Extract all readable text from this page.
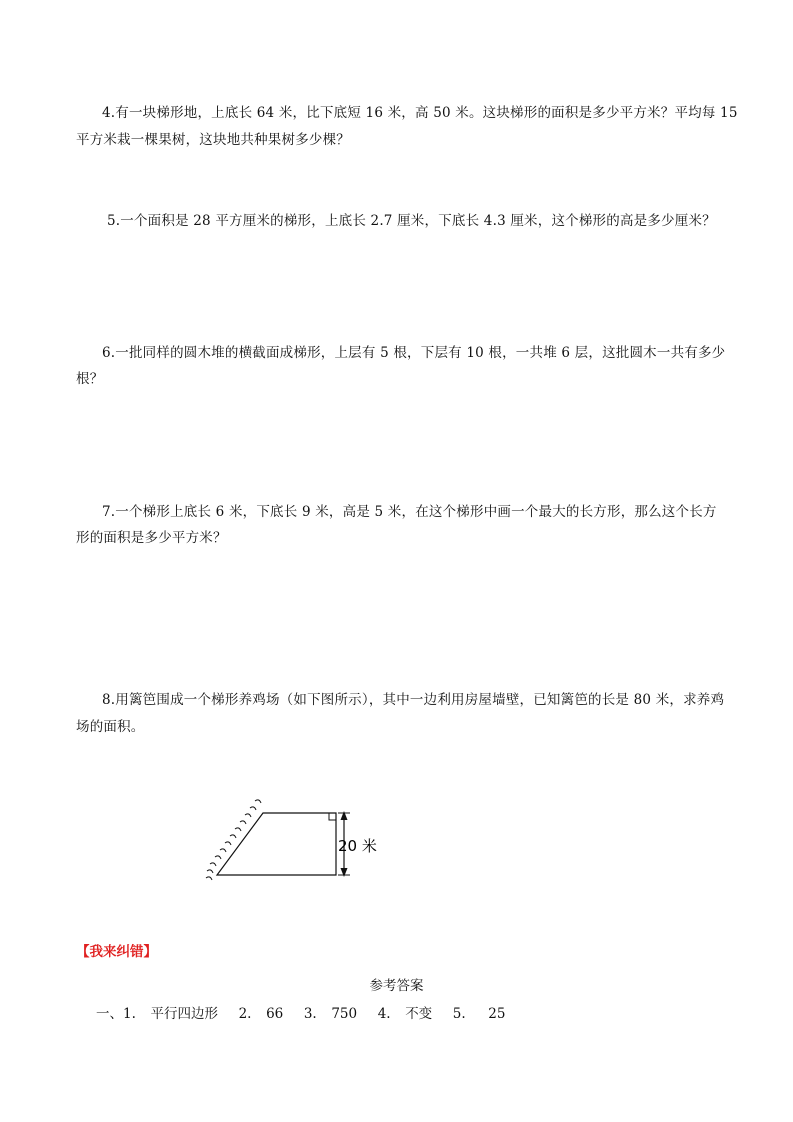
4.有一块梯形地，上底长 64 米，比下底短 16 米，高 50 米。这块梯形的面积是多少平方米？平均每 15
平方米栽一棵果树，这块地共种果树多少棵？
5.一个面积是 28 平方厘米的梯形，上底长 2.7 厘米，下底长 4.3 厘米，这个梯形的高是多少厘米？
6.一批同样的圆木堆的横截面成梯形，上层有 5 根，下层有 10 根，一共堆 6 层，这批圆木一共有多少
根？
7.一个梯形上底长 6 米，下底长 9 米，高是 5 米，在这个梯形中画一个最大的长方形，那么这个长方
形的面积是多少平方米？
8.用篱笆围成一个梯形养鸡场（如下图所示），其中一边利用房屋墙壁，已知篱笆的长是 80 米，求养鸡
场的面积。
20 米
【我来纠错】
参考答案
一、1. 平行四边形 2. 66 3. 750 4. 不变 5. 25
